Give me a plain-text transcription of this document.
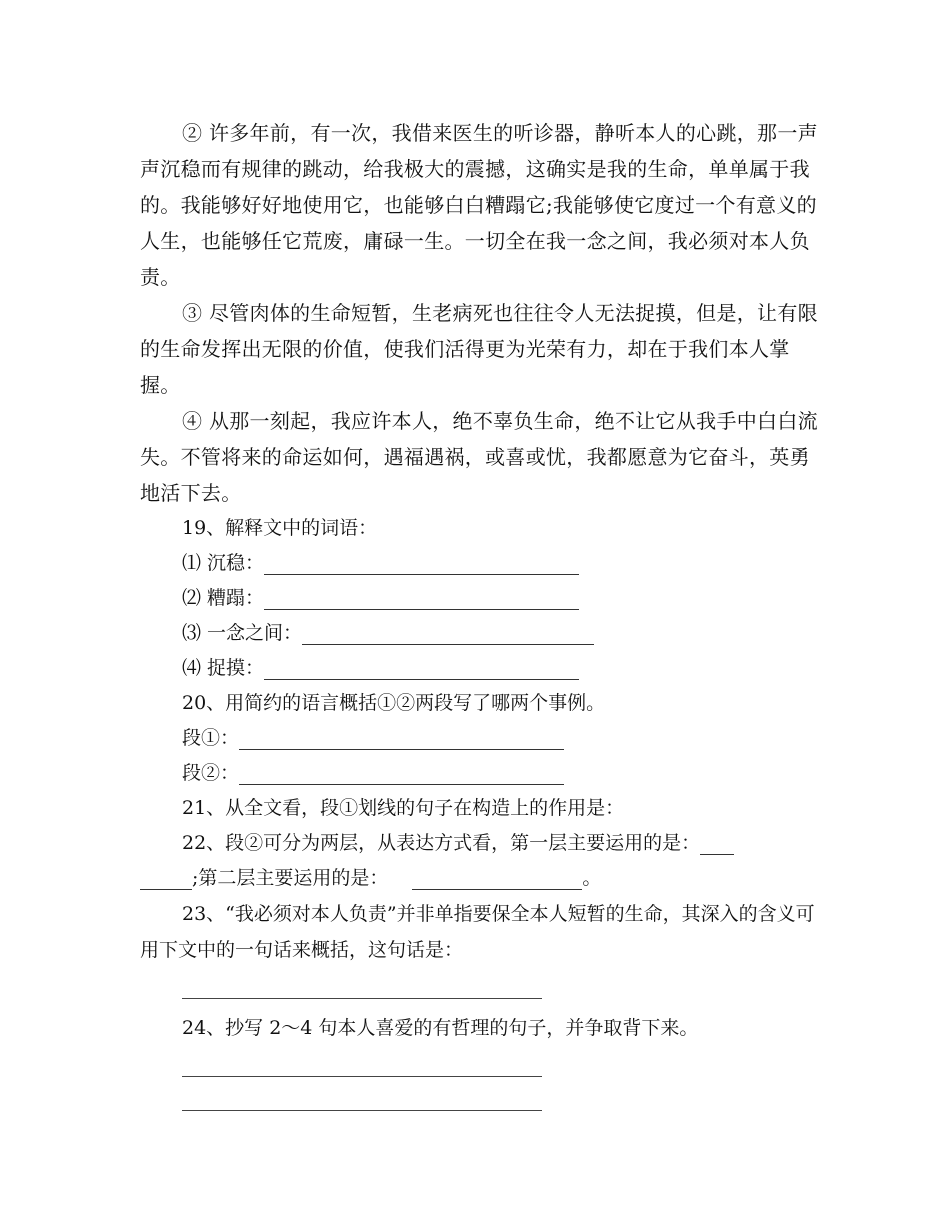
② 许多年前，有一次，我借来医生的听诊器，静听本人的心跳，那一声声沉稳而有规律的跳动，给我极大的震撼，这确实是我的生命，单单属于我的。我能够好好地使用它，也能够白白糟蹋它;我能够使它度过一个有意义的人生，也能够任它荒废，庸碌一生。一切全在我一念之间，我必须对本人负责。

③ 尽管肉体的生命短暂，生老病死也往往令人无法捉摸，但是，让有限的生命发挥出无限的价值，使我们活得更为光荣有力，却在于我们本人掌握。

④ 从那一刻起，我应许本人，绝不辜负生命，绝不让它从我手中白白流失。不管将来的命运如何，遇福遇祸，或喜或忧，我都愿意为它奋斗，英勇地活下去。

19、解释文中的词语：
⑴ 沉稳：
⑵ 糟蹋：
⑶ 一念之间：
⑷ 捉摸：
20、用简约的语言概括①②两段写了哪两个事例。
段①：
段②：
21、从全文看，段①划线的句子在构造上的作用是：
22、段②可分为两层，从表达方式看，第一层主要运用的是：
;第二层主要运用的是：	。

23、“我必须对本人负责”并非单指要保全本人短暂的生命，其深入的含义可用下文中的一句话来概括，这句话是：

24、抄写 2～4 句本人喜爱的有哲理的句子，并争取背下来。
